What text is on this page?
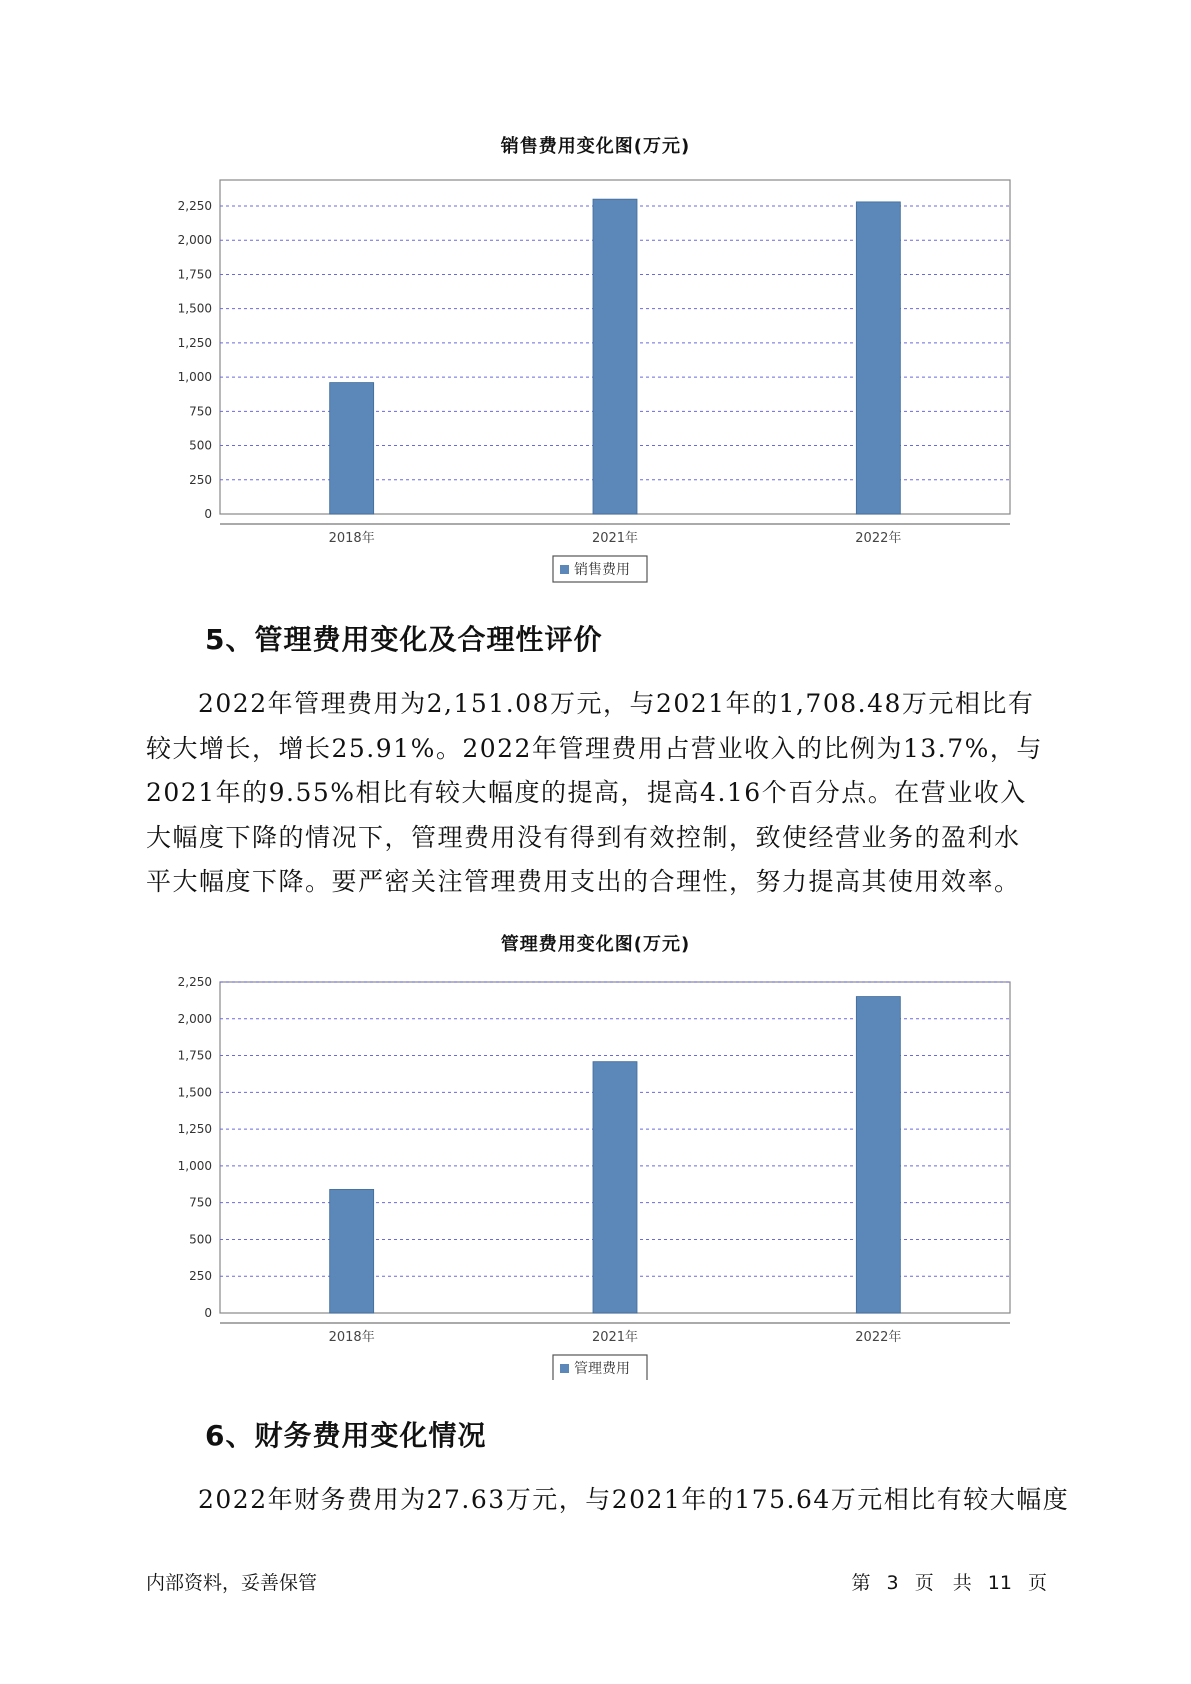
销售费用变化图(万元)
0
250
500
750
1,000
1,250
1,500
1,750
2,000
2,250
2018年	2021年	2022年
销售费用
5、管理费用变化及合理性评价

2022年管理费用为2,151.08万元，与2021年的1,708.48万元相比有较大增长，增长25.91%。2022年管理费用占营业收入的比例为13.7%，与2021年的9.55%相比有较大幅度的提高，提高4.16个百分点。在营业收入大幅度下降的情况下，管理费用没有得到有效控制，致使经营业务的盈利水平大幅度下降。要严密关注管理费用支出的合理性，努力提高其使用效率。

管理费用变化图(万元)
0
250
500
750
1,000
1,250
1,500
1,750
2,000
2,250
2018年	2021年	2022年
管理费用
6、财务费用变化情况

2022年财务费用为27.63万元，与2021年的175.64万元相比有较大幅度

内部资料，妥善保管	第 3 页　共 11 页
